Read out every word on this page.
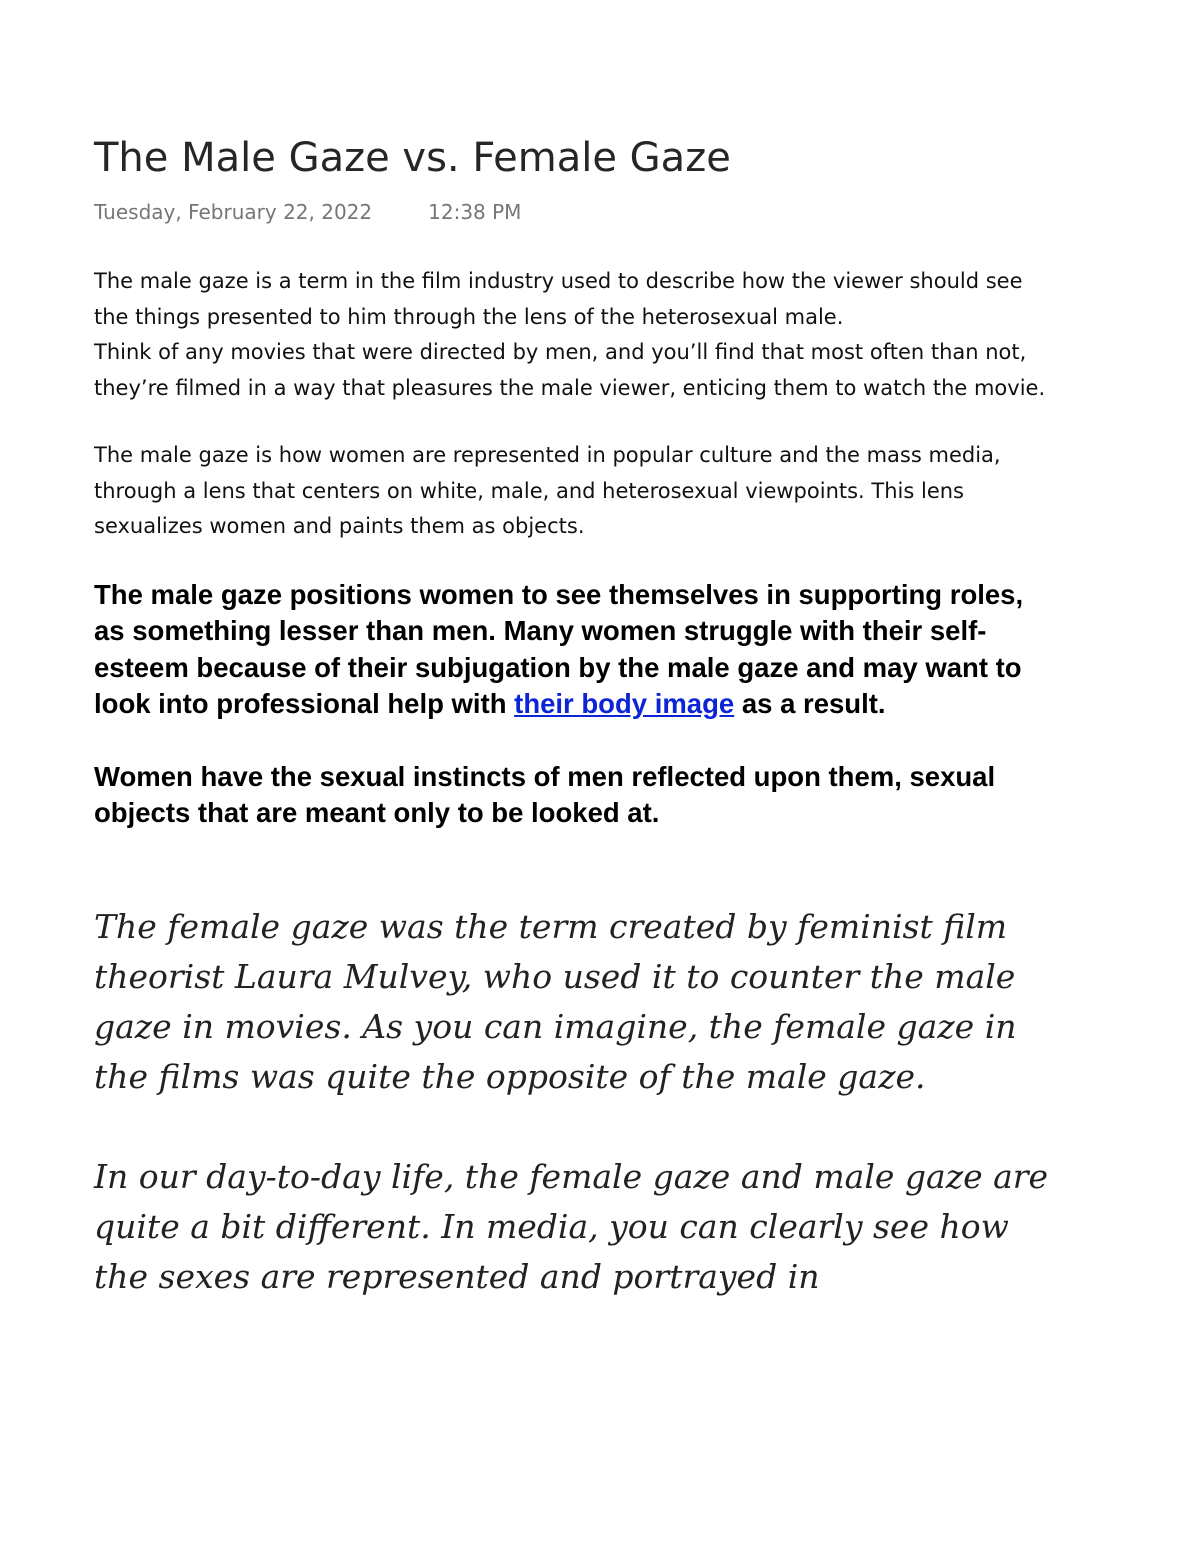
The Male Gaze vs. Female Gaze
Tuesday, February 22, 2022	12:38 PM

The male gaze is a term in the film industry used to describe how the viewer should see the things presented to him through the lens of the heterosexual male.

Think of any movies that were directed by men, and you’ll find that most often than not, they’re filmed in a way that pleasures the male viewer, enticing them to watch the movie.

The male gaze is how women are represented in popular culture and the mass media, through a lens that centers on white, male, and heterosexual viewpoints. This lens sexualizes women and paints them as objects.

The male gaze positions women to see themselves in supporting roles, as something lesser than men. Many women struggle with their self-esteem because of their subjugation by the male gaze and may want to look into professional help with their body image as a result.

Women have the sexual instincts of men reflected upon them, sexual objects that are meant only to be looked at.

The female gaze was the term created by feminist film theorist Laura Mulvey, who used it to counter the male gaze in movies. As you can imagine, the female gaze in the films was quite the opposite of the male gaze.

In our day-to-day life, the female gaze and male gaze are quite a bit different. In media, you can clearly see how the sexes are represented and portrayed in
